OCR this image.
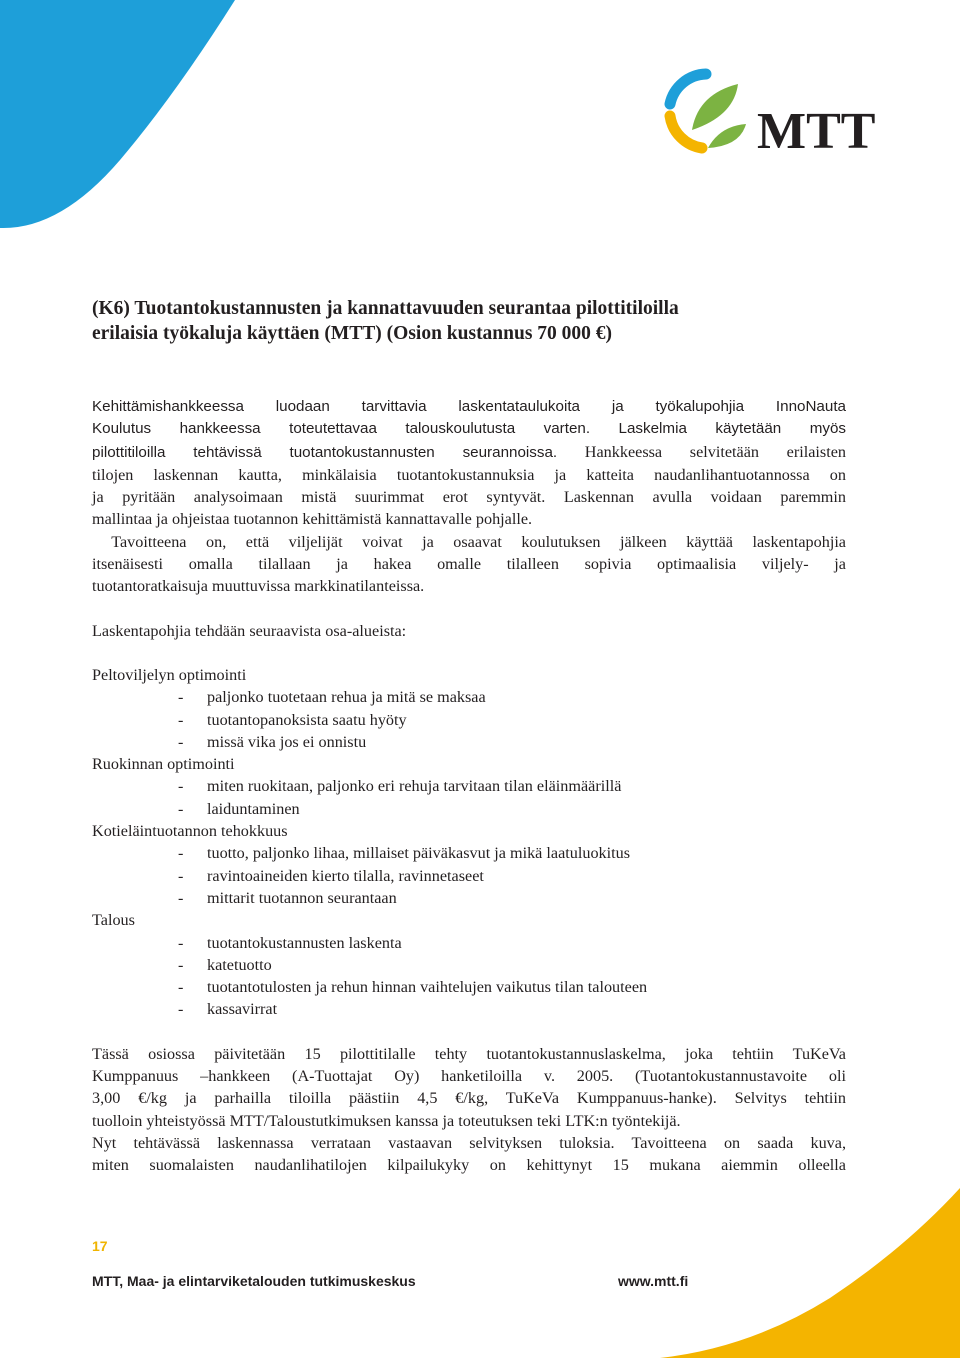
MTT
(K6) Tuotantokustannusten ja kannattavuuden seurantaa pilottitiloilla
erilaisia työkaluja käyttäen (MTT) (Osion kustannus 70 000 €)
Kehittämishankkeessa luodaan tarvittavia laskentataulukoita ja työkalupohjia InnoNauta
Koulutus hankkeessa toteutettavaa talouskoulutusta varten. Laskelmia käytetään myös
pilottitiloilla tehtävissä tuotantokustannusten seurannoissa. Hankkeessa selvitetään erilaisten
tilojen laskennan kautta, minkälaisia tuotantokustannuksia ja katteita naudanlihantuotannossa on
ja pyritään analysoimaan mistä suurimmat erot syntyvät. Laskennan avulla voidaan paremmin
mallintaa ja ohjeistaa tuotannon kehittämistä kannattavalle pohjalle.
Tavoitteena on, että viljelijät voivat ja osaavat koulutuksen jälkeen käyttää laskentapohjia
itsenäisesti omalla tilallaan ja hakea omalle tilalleen sopivia optimaalisia viljely- ja
tuotantoratkaisuja muuttuvissa markkinatilanteissa.

Laskentapohjia tehdään seuraavista osa-alueista:

Peltoviljelyn optimointi
- paljonko tuotetaan rehua ja mitä se maksaa
- tuotantopanoksista saatu hyöty
- missä vika jos ei onnistu
Ruokinnan optimointi
- miten ruokitaan, paljonko eri rehuja tarvitaan tilan eläinmäärillä
- laiduntaminen
Kotieläintuotannon tehokkuus
- tuotto, paljonko lihaa, millaiset päiväkasvut ja mikä laatuluokitus
- ravintoaineiden kierto tilalla, ravinnetaseet
- mittarit tuotannon seurantaan
Talous
- tuotantokustannusten laskenta
- katetuotto
- tuotantotulosten ja rehun hinnan vaihtelujen vaikutus tilan talouteen
- kassavirrat
Tässä osiossa päivitetään 15 pilottitilalle tehty tuotantokustannuslaskelma, joka tehtiin TuKeVa
Kumppanuus –hankkeen (A-Tuottajat Oy) hanketiloilla v. 2005. (Tuotantokustannustavoite oli
3,00 €/kg ja parhailla tiloilla päästiin 4,5 €/kg, TuKeVa Kumppanuus-hanke). Selvitys tehtiin
tuolloin yhteistyössä MTT/Taloustutkimuksen kanssa ja toteutuksen teki LTK:n työntekijä.
Nyt tehtävässä laskennassa verrataan vastaavan selvityksen tuloksia. Tavoitteena on saada kuva,
miten suomalaisten naudanlihatilojen kilpailukyky on kehittynyt 15 mukana aiemmin olleella
17
MTT, Maa- ja elintarviketalouden tutkimuskeskus	www.mtt.fi
